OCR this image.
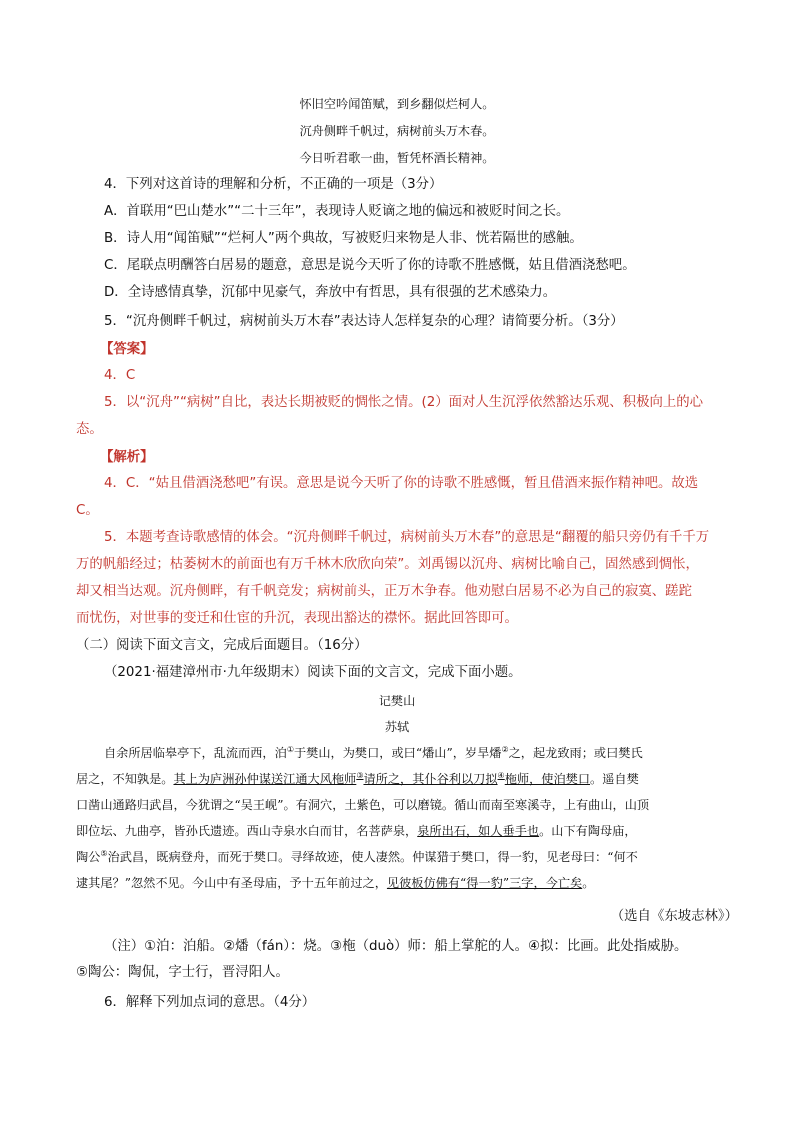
怀旧空吟闻笛赋，到乡翻似烂柯人。
沉舟侧畔千帆过，病树前头万木春。
今日听君歌一曲，暂凭杯酒长精神。
4．下列对这首诗的理解和分析，不正确的一项是（3分）
A．首联用“巴山楚水”“二十三年”，表现诗人贬谪之地的偏远和被贬时间之长。
B．诗人用“闻笛赋”“烂柯人”两个典故，写被贬归来物是人非、恍若隔世的感触。
C．尾联点明酬答白居易的题意，意思是说今天听了你的诗歌不胜感慨，姑且借酒浇愁吧。
D．全诗感情真挚，沉郁中见豪气，奔放中有哲思，具有很强的艺术感染力。
5．“沉舟侧畔千帆过，病树前头万木春”表达诗人怎样复杂的心理？请简要分析。（3分）
【答案】
4．C
5．以“沉舟”“病树”自比，表达长期被贬的惆怅之情。(2）面对人生沉浮依然豁达乐观、积极向上的心
态。
【解析】
4．C．“姑且借酒浇愁吧”有误。意思是说今天听了你的诗歌不胜感慨，暂且借酒来振作精神吧。故选
C。
5．本题考查诗歌感情的体会。“沉舟侧畔千帆过，病树前头万木春”的意思是“翻覆的船只旁仍有千千万
万的帆船经过；枯萎树木的前面也有万千林木欣欣向荣”。刘禹锡以沉舟、病树比喻自己，固然感到惆怅，
却又相当达观。沉舟侧畔，有千帆竞发；病树前头，正万木争春。他劝慰白居易不必为自己的寂寞、蹉跎
而忧伤，对世事的变迁和仕宦的升沉，表现出豁达的襟怀。据此回答即可。
（二）阅读下面文言文，完成后面题目。（16分）
（2021·福建漳州市·九年级期末）阅读下面的文言文，完成下面小题。
记樊山
苏轼
自余所居临皋亭下，乱流而西，泊①于樊山，为樊口，或曰“燔山”，岁旱燔②之，起龙致雨；或曰樊氏
居之，不知孰是。其上为庐洲孙仲谋送江通大风柂师③请所之，其仆谷利以刀拟④柂师，使泊樊口。遥自樊
口凿山通路归武昌，今犹谓之“吴王岘”。有洞穴，土紫色，可以磨镜。循山而南至寒溪寺，上有曲山，山顶
即位坛、九曲亭，皆孙氏遗迹。西山寺泉水白而甘，名菩萨泉，泉所出石，如人垂手也。山下有陶母庙，
陶公⑤治武昌，既病登舟，而死于樊口。寻绎故迹，使人凄然。仲谋猎于樊口，得一豹，见老母曰：“何不
逮其尾？”忽然不见。今山中有圣母庙，予十五年前过之，见彼板仿佛有“得一豹”三字，今亡矣。
（选自《东坡志林》）
（注）①泊：泊船。②燔（fán）：烧。③柂（duò）师：船上掌舵的人。④拟：比画。此处指威胁。
⑤陶公：陶侃，字士行，晋浔阳人。
6．解释下列加点词的意思。（4分）
